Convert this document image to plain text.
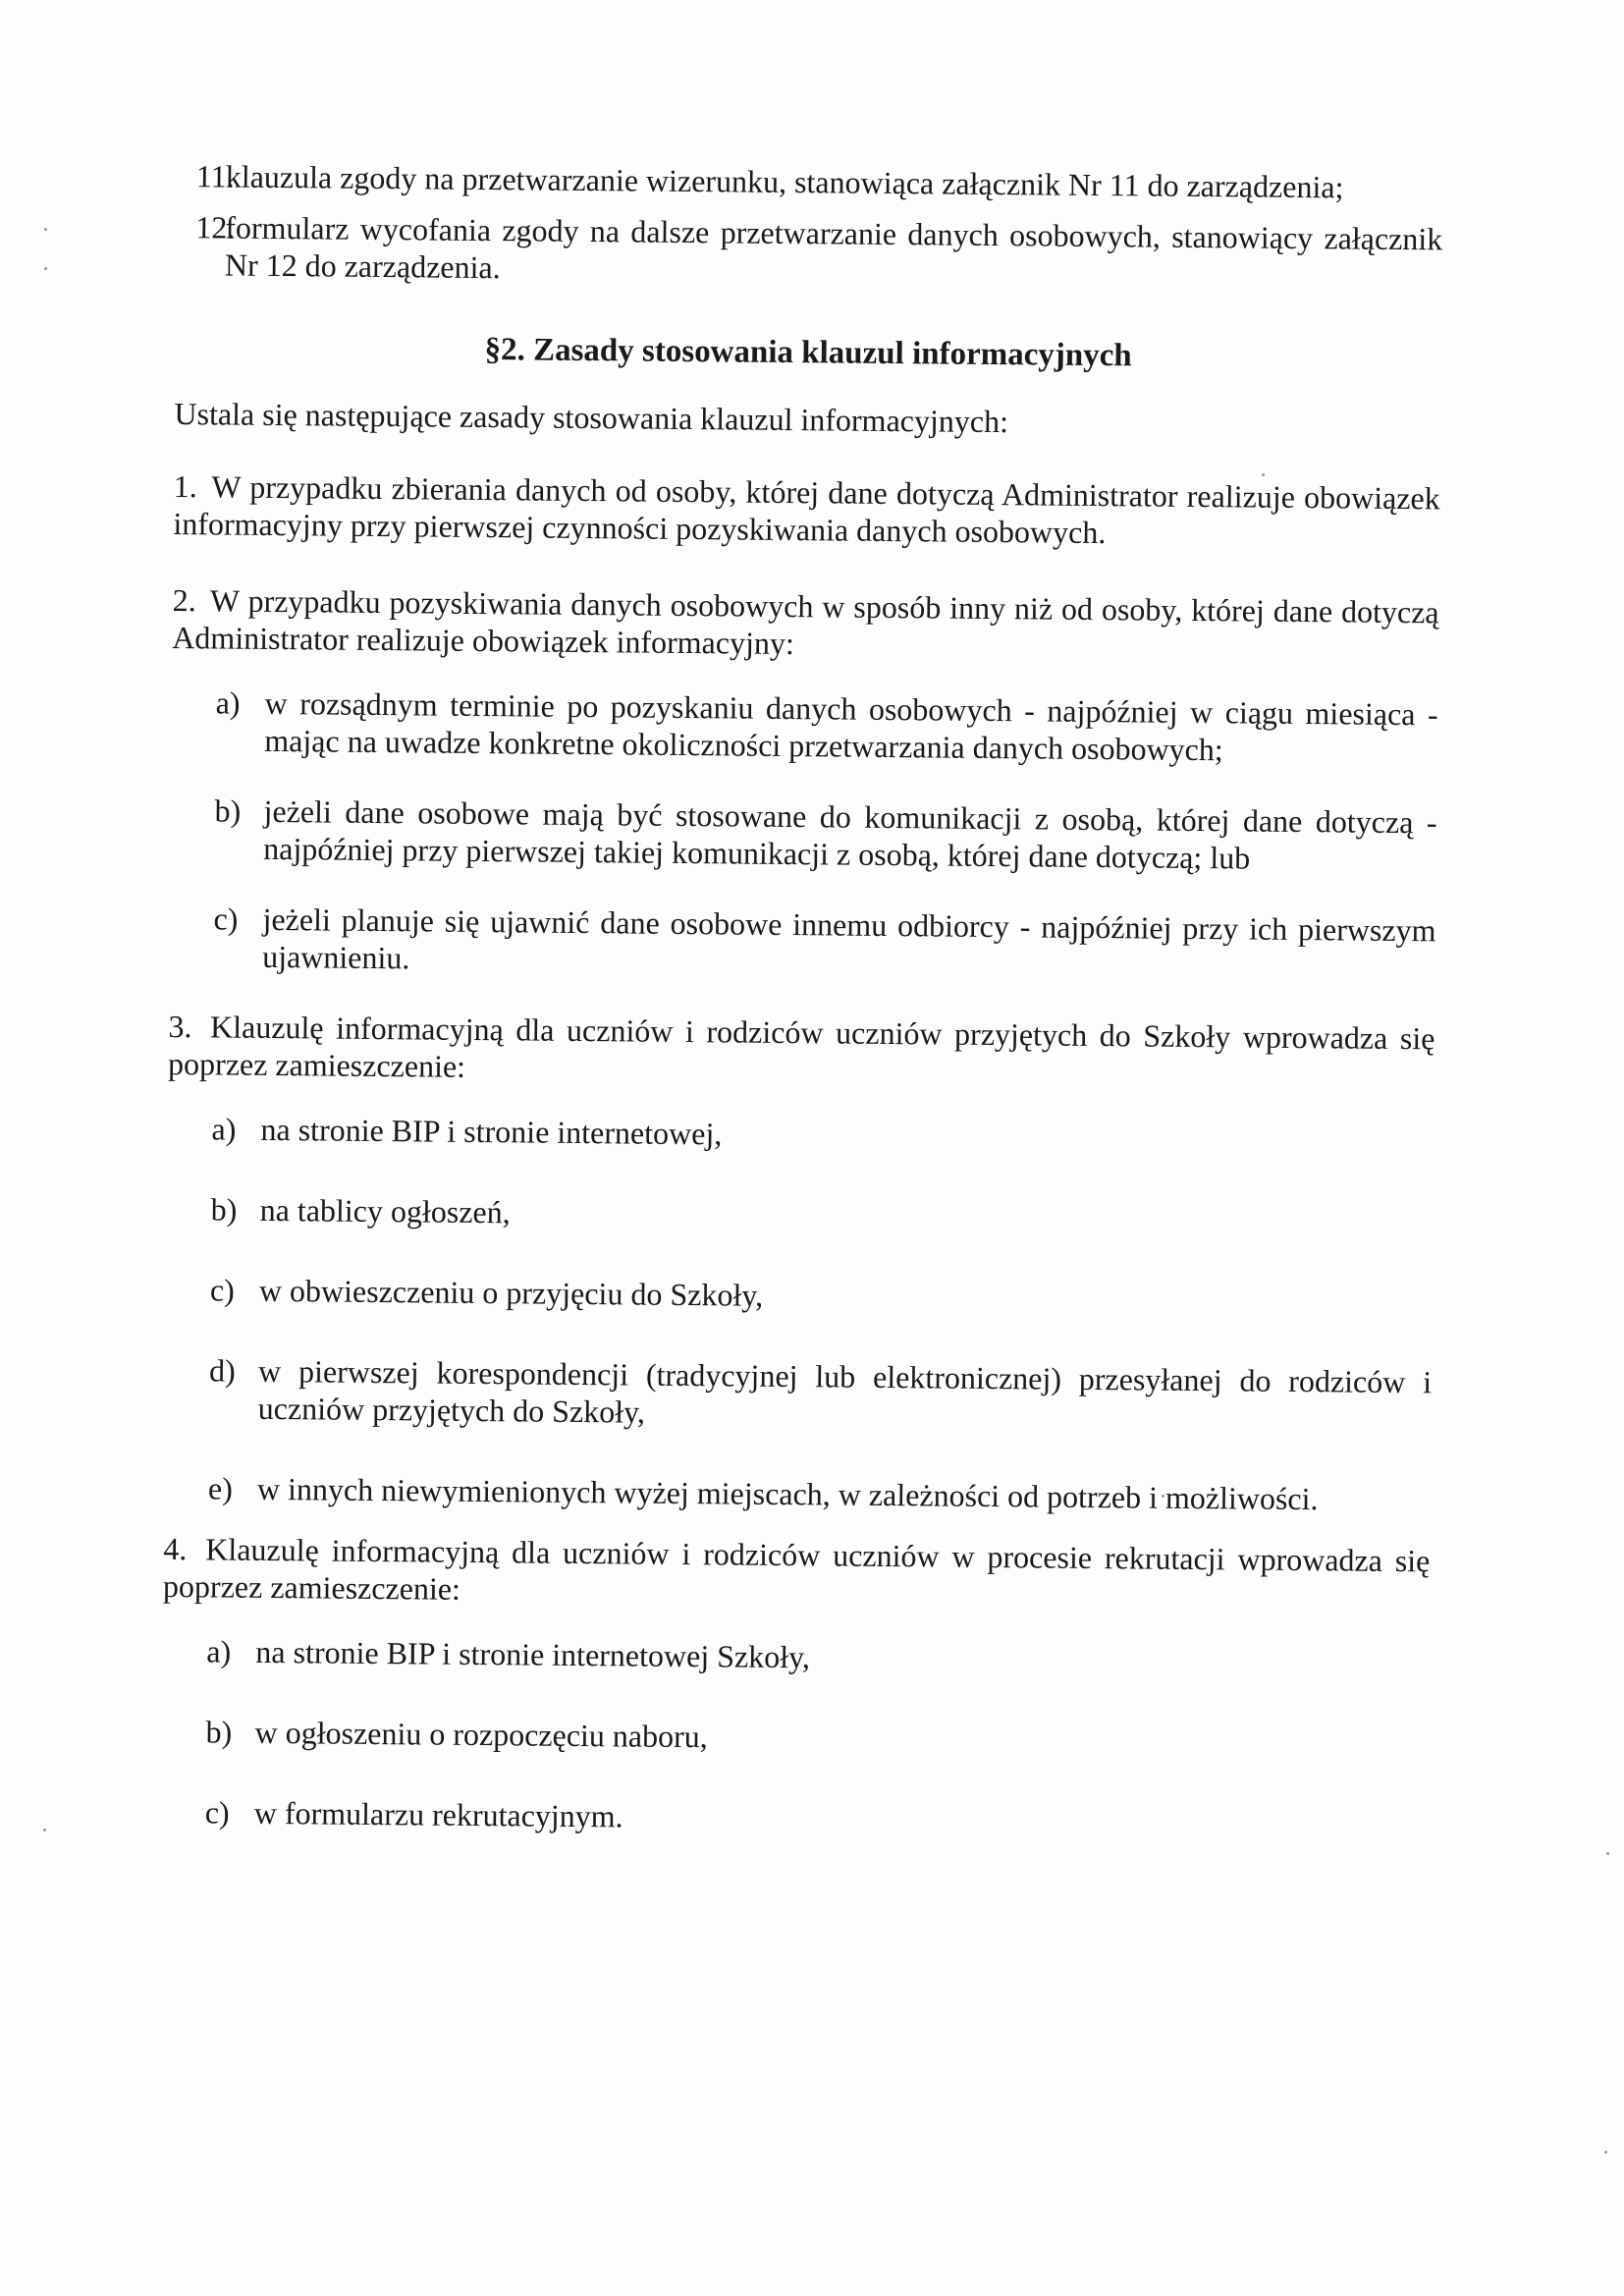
11.
klauzula zgody na przetwarzanie wizerunku, stanowiąca załącznik Nr 11 do zarządzenia;
12.
formularz wycofania zgody na dalsze przetwarzanie danych osobowych, stanowiący załącznik Nr 12 do zarządzenia.
§2. Zasady stosowania klauzul informacyjnych
Ustala się następujące zasady stosowania klauzul informacyjnych:
1. W przypadku zbierania danych od osoby, której dane dotyczą Administrator realizuje obowiązek informacyjny przy pierwszej czynności pozyskiwania danych osobowych.
2. W przypadku pozyskiwania danych osobowych w sposób inny niż od osoby, której dane dotyczą Administrator realizuje obowiązek informacyjny:
a) w rozsądnym terminie po pozyskaniu danych osobowych - najpóźniej w ciągu miesiąca - mając na uwadze konkretne okoliczności przetwarzania danych osobowych;
b) jeżeli dane osobowe mają być stosowane do komunikacji z osobą, której dane dotyczą - najpóźniej przy pierwszej takiej komunikacji z osobą, której dane dotyczą; lub
c) jeżeli planuje się ujawnić dane osobowe innemu odbiorcy - najpóźniej przy ich pierwszym ujawnieniu.
3. Klauzulę informacyjną dla uczniów i rodziców uczniów przyjętych do Szkoły wprowadza się poprzez zamieszczenie:
a) na stronie BIP i stronie internetowej,
b) na tablicy ogłoszeń,
c) w obwieszczeniu o przyjęciu do Szkoły,
d) w pierwszej korespondencji (tradycyjnej lub elektronicznej) przesyłanej do rodziców i uczniów przyjętych do Szkoły,
e) w innych niewymienionych wyżej miejscach, w zależności od potrzeb i możliwości.
4. Klauzulę informacyjną dla uczniów i rodziców uczniów w procesie rekrutacji wprowadza się poprzez zamieszczenie:
a) na stronie BIP i stronie internetowej Szkoły,
b) w ogłoszeniu o rozpoczęciu naboru,
c) w formularzu rekrutacyjnym.
